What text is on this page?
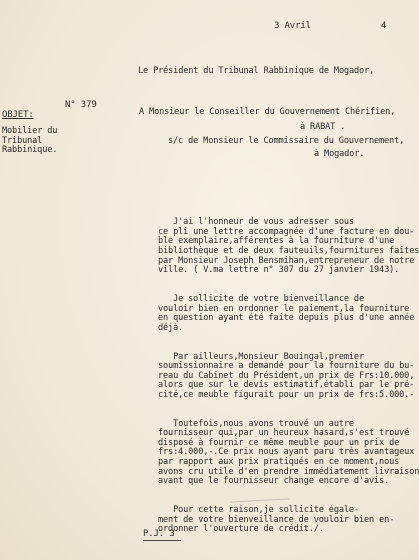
3 Avril	4
Le Président du Tribunal Rabbinique de Mogador,
N° 379
A Monsieur le Conseiller du Gouvernement Chérifien,
à RABAT .
s/c de Monsieur le Commissaire du Gouvernement,
à Mogador.
OBJET:
Mobilier du Tribunal Rabbinique.

J'ai l'honneur de vous adresser sous
ce pli une lettre accompagnée d'une facture en dou-
ble exemplaire,afférentes à la fourniture d'une
bibliothèque et de deux fauteuils,fournitures faites
par Monsieur Joseph Bensmihan,entrepreneur de notre
ville. ( V.ma lettre n° 307 du 27 janvier 1943).

Je sollicite de votre bienveillance de
vouloir bien en ordonner le paiement,la fourniture
en question ayant été faite depuis plus d'une année
déjà.

Par ailleurs,Monsieur Bouingal,premier
soumissionnaire a demandé pour la fourniture du bu-
reau du Cabinet du Président,un prix de Frs:10.000,
alors que sur le devis estimatif,établi par le pré-
cité,ce meuble figurait pour un prix de frs:5.000.-

Toutefois,nous avons trouvé un autre
fournisseur qui,par un heureux hasard,s'est trouvé
disposé à fournir ce même meuble pour un prix de
frs:4.000,-.Ce prix nous ayant paru très avantageux
par rapport aux prix pratiqués en ce moment,nous
avons cru utile d'en prendre immédiatement livraison
avant que le fournisseur change encore d'avis.

Pour cette raison,je sollicite égale-
ment de votre bienveillance de vouloir bien en-
ordonner l'ouverture de crédit./.

P.J. 3
